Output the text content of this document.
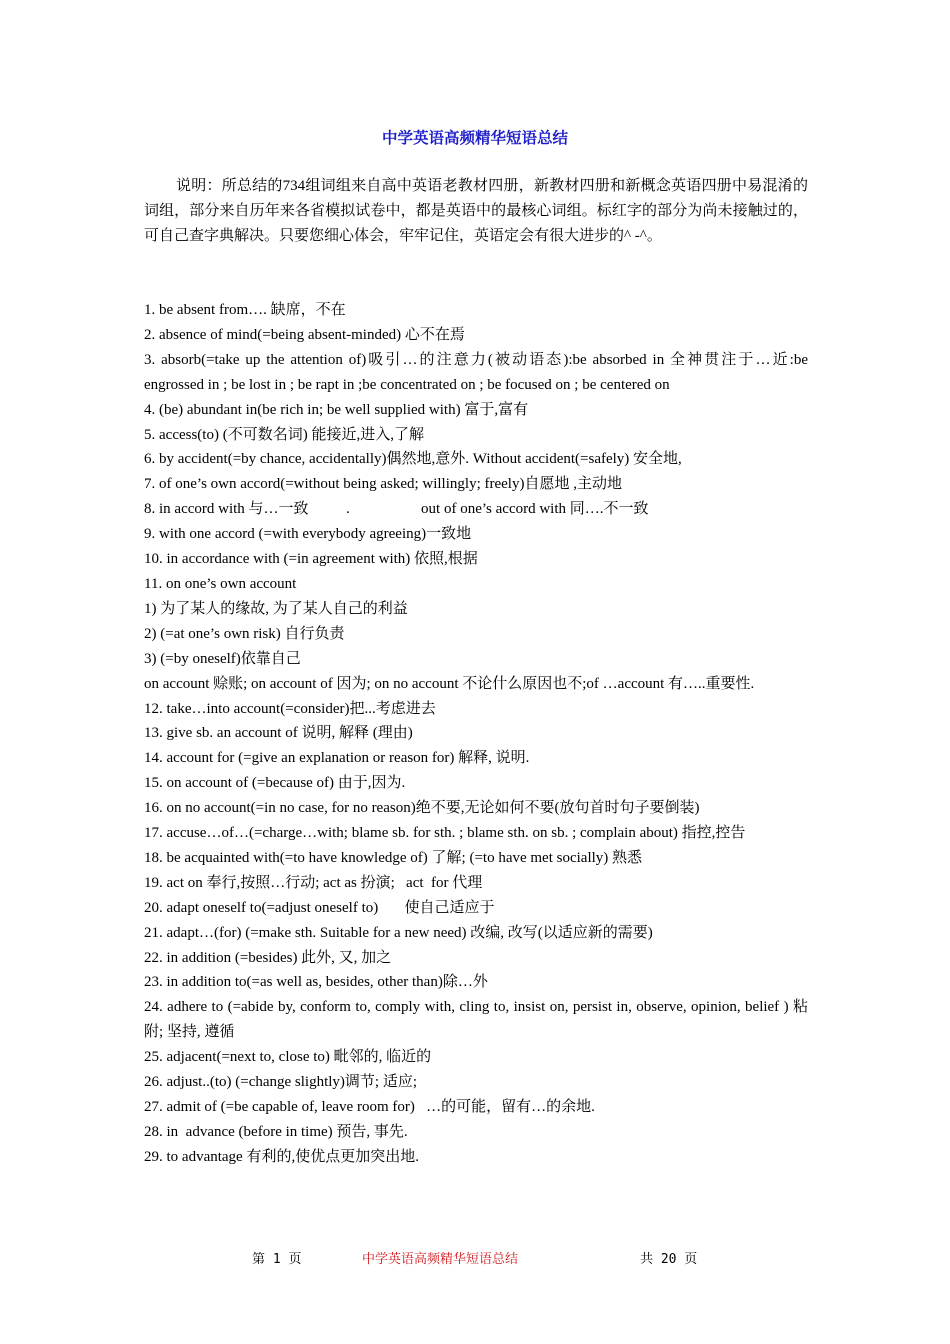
中学英语高频精华短语总结
说明：所总结的734组词组来自高中英语老教材四册，新教材四册和新概念英语四册中易混淆的词组，部分来自历年来各省模拟试卷中，都是英语中的最核心词组。标红字的部分为尚未接触过的，可自己查字典解决。只要您细心体会，牢牢记住，英语定会有很大进步的^ -^。
1. be absent from…. 缺席，不在
2. absence of mind(=being absent-minded) 心不在焉
3. absorb(=take up the attention of)吸引…的注意力(被动语态):be absorbed in 全神贯注于…近:be engrossed in ; be lost in ; be rapt in ;be concentrated on ; be focused on ; be centered on
4. (be) abundant in(be rich in; be well supplied with) 富于,富有
5. access(to) (不可数名词) 能接近,进入,了解
6. by accident(=by chance, accidentally)偶然地,意外. Without accident(=safely) 安全地,
7. of one’s own accord(=without being asked; willingly; freely)自愿地 ,主动地
8. in accord with 与…一致          .                   out of one’s accord with 同….不一致
9. with one accord (=with everybody agreeing)一致地
10. in accordance with (=in agreement with) 依照,根据
11. on one’s own account
1) 为了某人的缘故, 为了某人自己的利益
2) (=at one’s own risk) 自行负责
3) (=by oneself)依靠自己
on account 赊账; on account of 因为; on no account 不论什么原因也不;of …account 有…..重要性.
12. take…into account(=consider)把...考虑进去
13. give sb. an account of 说明, 解释 (理由)
14. account for (=give an explanation or reason for) 解释, 说明.
15. on account of (=because of) 由于,因为.
16. on no account(=in no case, for no reason)绝不要,无论如何不要(放句首时句子要倒装)
17. accuse…of…(=charge…with; blame sb. for sth. ; blame sth. on sb. ; complain about) 指控,控告
18. be acquainted with(=to have knowledge of) 了解; (=to have met socially) 熟悉
19. act on 奉行,按照…行动; act as 扮演;   act  for 代理
20. adapt oneself to(=adjust oneself to)       使自己适应于
21. adapt…(for) (=make sth. Suitable for a new need) 改编, 改写(以适应新的需要)
22. in addition (=besides) 此外, 又, 加之
23. in addition to(=as well as, besides, other than)除…外
24. adhere to (=abide by, conform to, comply with, cling to, insist on, persist in, observe, opinion, belief ) 粘附; 坚持, 遵循
25. adjacent(=next to, close to) 毗邻的, 临近的
26. adjust..(to) (=change slightly)调节; 适应;
27. admit of (=be capable of, leave room for)   …的可能，留有…的余地.
28. in  advance (before in time) 预告, 事先.
29. to advantage 有利的,使优点更加突出地.
第 1 页	中学英语高频精华短语总结	共 20 页
